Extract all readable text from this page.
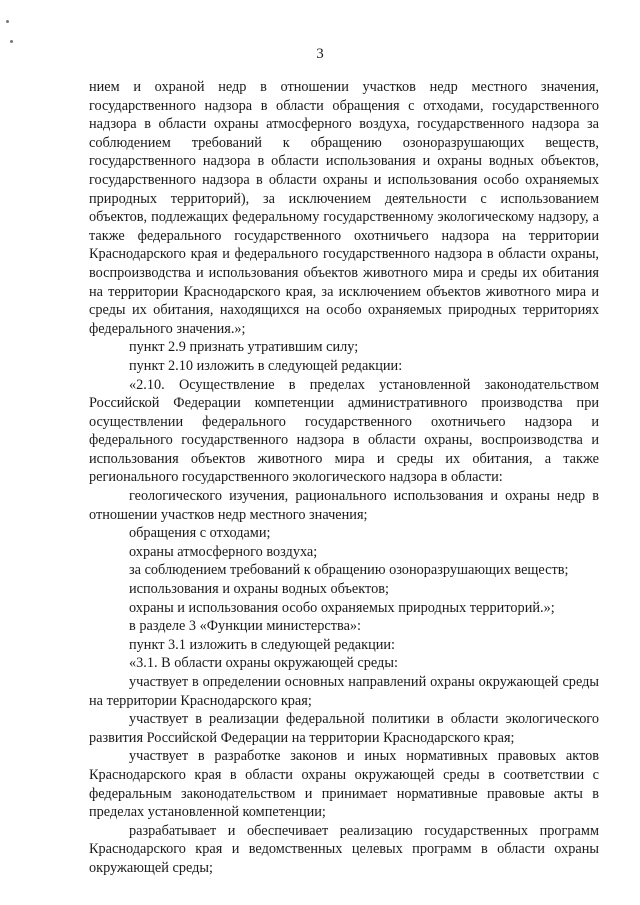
3

нием и охраной недр в отношении участков недр местного значения, государственного надзора в области обращения с отходами, государственного надзора в области охраны атмосферного воздуха, государственного надзора за соблюдением требований к обращению озоноразрушающих веществ, государственного надзора в области использования и охраны водных объектов, государственного надзора в области охраны и использования особо охраняемых природных территорий), за исключением деятельности с использованием объектов, подлежащих федеральному государственному экологическому надзору, а также федерального государственного охотничьего надзора на территории Краснодарского края и федерального государственного надзора в области охраны, воспроизводства и использования объектов животного мира и среды их обитания на территории Краснодарского края, за исключением объектов животного мира и среды их обитания, находящихся на особо охраняемых природных территориях федерального значения.»;

пункт 2.9 признать утратившим силу;

пункт 2.10 изложить в следующей редакции:

«2.10. Осуществление в пределах установленной законодательством Российской Федерации компетенции административного производства при осуществлении федерального государственного охотничьего надзора и федерального государственного надзора в области охраны, воспроизводства и использования объектов животного мира и среды их обитания, а также регионального государственного экологического надзора в области:

геологического изучения, рационального использования и охраны недр в отношении участков недр местного значения;

обращения с отходами;

охраны атмосферного воздуха;

за соблюдением требований к обращению озоноразрушающих веществ;

использования и охраны водных объектов;

охраны и использования особо охраняемых природных территорий.»;

в разделе 3 «Функции министерства»:

пункт 3.1 изложить в следующей редакции:

«3.1. В области охраны окружающей среды:

участвует в определении основных направлений охраны окружающей среды на территории Краснодарского края;

участвует в реализации федеральной политики в области экологического развития Российской Федерации на территории Краснодарского края;

участвует в разработке законов и иных нормативных правовых актов Краснодарского края в области охраны окружающей среды в соответствии с федеральным законодательством и принимает нормативные правовые акты в пределах установленной компетенции;

разрабатывает и обеспечивает реализацию государственных программ Краснодарского края и ведомственных целевых программ в области охраны окружающей среды;
